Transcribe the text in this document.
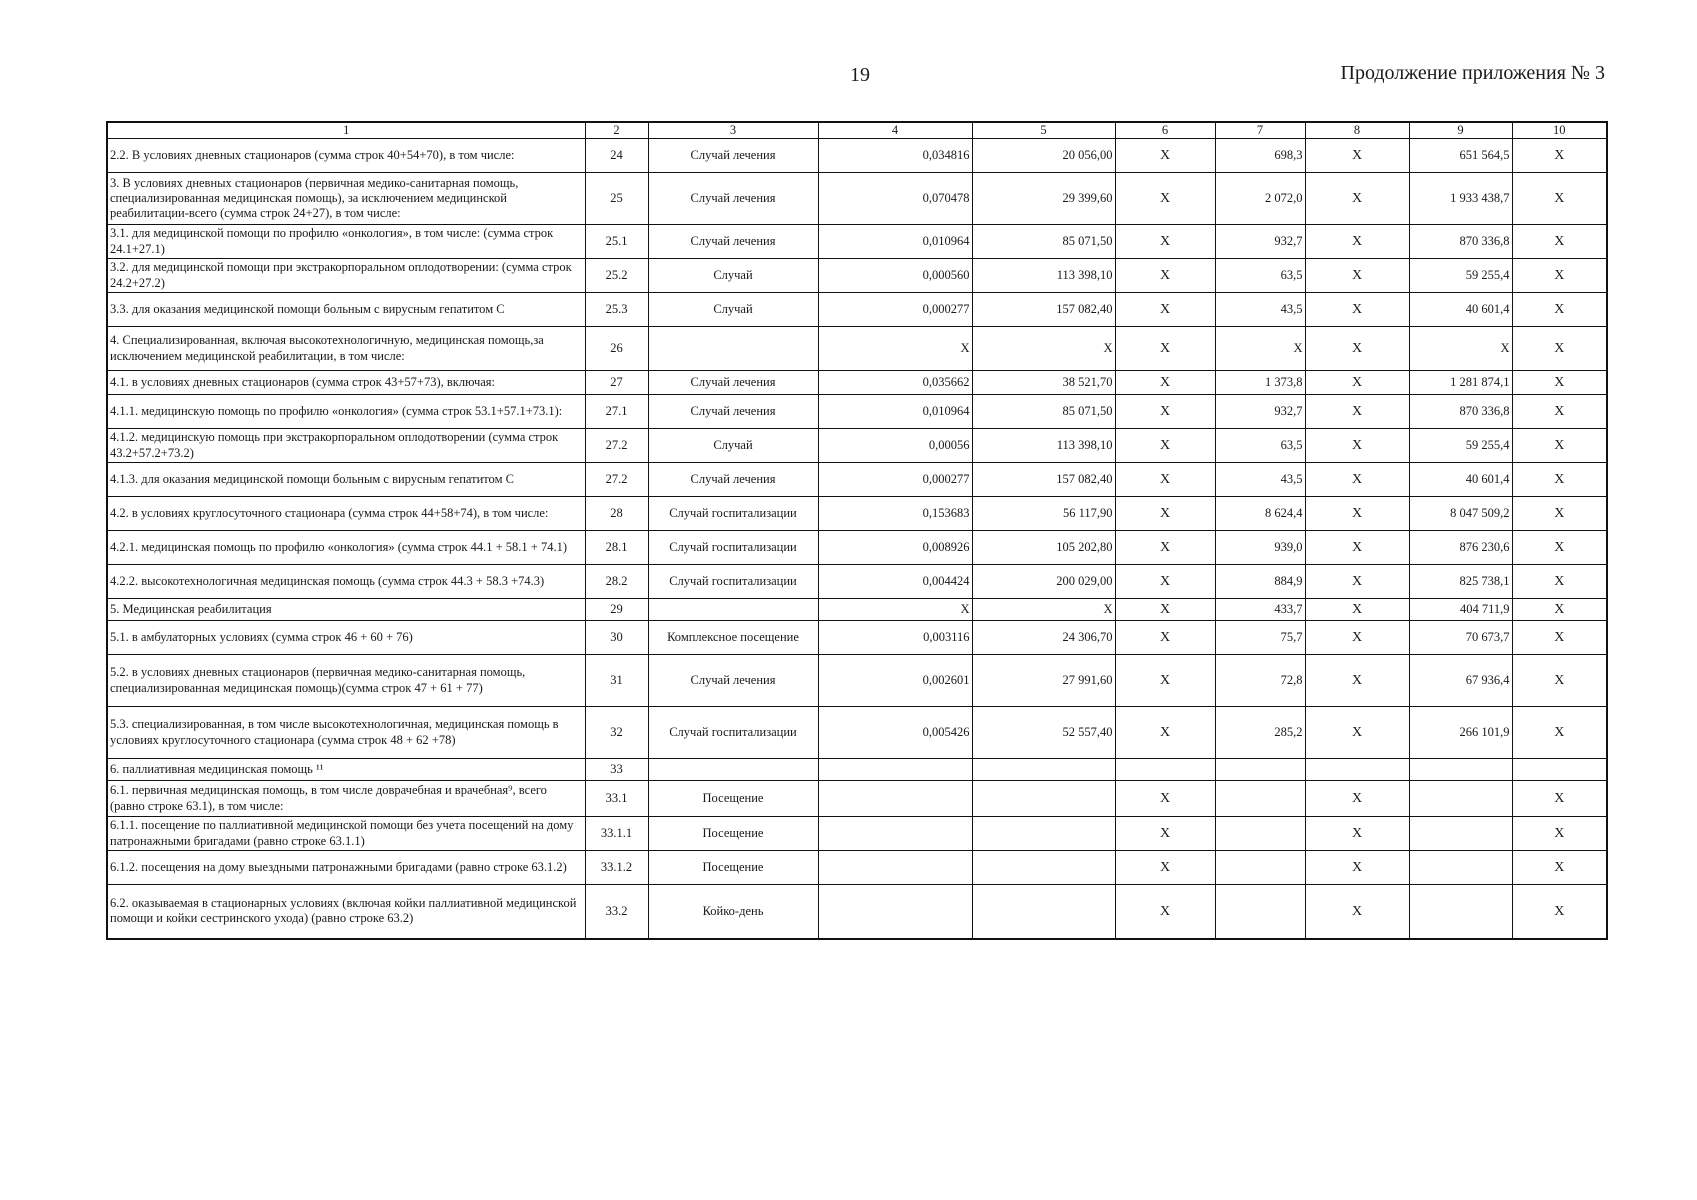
19	Продолжение приложения № 3
1	2	3	4	5	6	7	8	9	10
2.2. В условиях дневных стационаров (сумма строк 40+54+70), в том числе:	24	Случай лечения	0,034816	20 056,00	X	698,3	X	651 564,5	X
3. В условиях дневных стационаров (первичная медико-санитарная помощь, специализированная медицинская помощь), за исключением медицинской реабилитации-всего (сумма строк 24+27), в том числе:	25	Случай лечения	0,070478	29 399,60	X	2 072,0	X	1 933 438,7	X
3.1. для медицинской помощи по профилю «онкология», в том числе: (сумма строк 24.1+27.1)	25.1	Случай лечения	0,010964	85 071,50	X	932,7	X	870 336,8	X
3.2. для медицинской помощи при экстракорпоральном оплодотворении: (сумма строк 24.2+27.2)	25.2	Случай	0,000560	113 398,10	X	63,5	X	59 255,4	X
3.3. для оказания медицинской помощи больным с вирусным гепатитом С	25.3	Случай	0,000277	157 082,40	X	43,5	X	40 601,4	X
4. Специализированная, включая высокотехнологичную, медицинская помощь,за исключением медицинской реабилитации, в том числе:	26		X	X	X	X	X	X	X
4.1. в условиях дневных стационаров (сумма строк 43+57+73), включая:	27	Случай лечения	0,035662	38 521,70	X	1 373,8	X	1 281 874,1	X
4.1.1. медицинскую помощь по профилю «онкология» (сумма строк 53.1+57.1+73.1):	27.1	Случай лечения	0,010964	85 071,50	X	932,7	X	870 336,8	X
4.1.2. медицинскую помощь при экстракорпоральном оплодотворении (сумма строк 43.2+57.2+73.2)	27.2	Случай	0,00056	113 398,10	X	63,5	X	59 255,4	X
4.1.3. для оказания медицинской помощи больным с вирусным гепатитом С	27.2	Случай лечения	0,000277	157 082,40	X	43,5	X	40 601,4	X
4.2. в условиях круглосуточного стационара (сумма строк 44+58+74), в том числе:	28	Случай госпитализации	0,153683	56 117,90	X	8 624,4	X	8 047 509,2	X
4.2.1. медицинская помощь по профилю «онкология» (сумма строк 44.1 + 58.1 + 74.1)	28.1	Случай госпитализации	0,008926	105 202,80	X	939,0	X	876 230,6	X
4.2.2. высокотехнологичная медицинская помощь (сумма строк 44.3 + 58.3 +74.3)	28.2	Случай госпитализации	0,004424	200 029,00	X	884,9	X	825 738,1	X
5. Медицинская реабилитация	29		X	X	X	433,7	X	404 711,9	X
5.1. в амбулаторных условиях (сумма строк 46 + 60 + 76)	30	Комплексное посещение	0,003116	24 306,70	X	75,7	X	70 673,7	X
5.2. в условиях дневных стационаров (первичная медико-санитарная помощь, специализированная медицинская помощь)(сумма строк 47 + 61 + 77)	31	Случай лечения	0,002601	27 991,60	X	72,8	X	67 936,4	X
5.3. специализированная, в том числе высокотехнологичная, медицинская помощь в условиях круглосуточного стационара (сумма строк 48 + 62 +78)	32	Случай госпитализации	0,005426	52 557,40	X	285,2	X	266 101,9	X
6. паллиативная медицинская помощь ¹¹	33								
6.1. первичная медицинская помощь, в том числе доврачебная и врачебная⁹, всего (равно строке 63.1), в том числе:	33.1	Посещение			X		X		X
6.1.1. посещение по паллиативной медицинской помощи без учета посещений на дому патронажными бригадами (равно строке 63.1.1)	33.1.1	Посещение			X		X		X
6.1.2. посещения на дому выездными патронажными бригадами (равно строке 63.1.2)	33.1.2	Посещение			X		X		X
6.2. оказываемая в стационарных условиях (включая койки паллиативной медицинской помощи и койки сестринского ухода) (равно строке 63.2)	33.2	Койко-день			X		X		X
